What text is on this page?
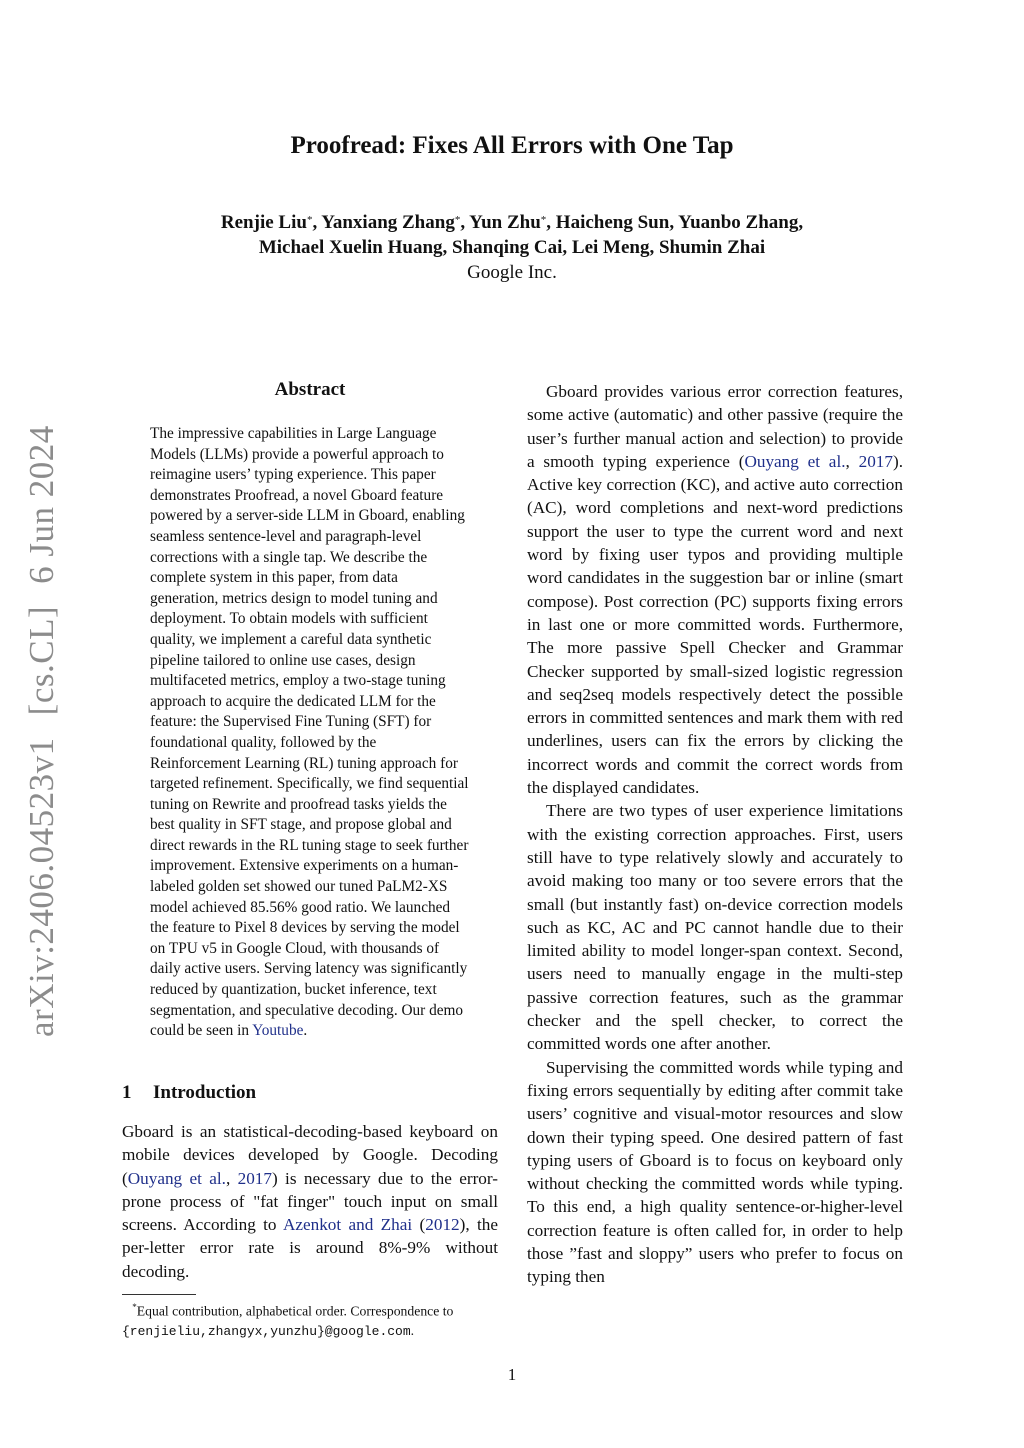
arXiv:2406.04523v1[cs.CL]6 Jun 2024
Proofread: Fixes All Errors with One Tap
Renjie Liu*, Yanxiang Zhang*, Yun Zhu*, Haicheng Sun, Yuanbo Zhang,
Michael Xuelin Huang, Shanqing Cai, Lei Meng, Shumin Zhai
Google Inc.
Abstract

The impressive capabilities in Large Language Models (LLMs) provide a powerful approach to reimagine users’ typing experience. This paper demonstrates Proofread, a novel Gboard feature powered by a server-side LLM in Gboard, enabling seamless sentence-level and paragraph-level corrections with a single tap. We describe the complete system in this paper, from data generation, metrics design to model tuning and deployment. To obtain models with sufficient quality, we implement a careful data synthetic pipeline tailored to online use cases, design multifaceted metrics, employ a two-stage tuning approach to acquire the dedicated LLM for the feature: the Supervised Fine Tuning (SFT) for foundational quality, followed by the Reinforcement Learning (RL) tuning approach for targeted refinement. Specifically, we find sequential tuning on Rewrite and proofread tasks yields the best quality in SFT stage, and propose global and direct rewards in the RL tuning stage to seek further improvement. Extensive experiments on a human-labeled golden set showed our tuned PaLM2-XS model achieved 85.56% good ratio. We launched the feature to Pixel 8 devices by serving the model on TPU v5 in Google Cloud, with thousands of daily active users. Serving latency was significantly reduced by quantization, bucket inference, text segmentation, and speculative decoding. Our demo could be seen in Youtube.

1 Introduction

Gboard is an statistical-decoding-based keyboard on mobile devices developed by Google. Decoding (Ouyang et al., 2017) is necessary due to the error-prone process of "fat finger" touch input on small screens. According to Azenkot and Zhai (2012), the per-letter error rate is around 8%-9% without decoding.

*Equal contribution, alphabetical order. Correspondence to {renjieliu,zhangyx,yunzhu}@google.com.

Gboard provides various error correction features, some active (automatic) and other passive (require the user’s further manual action and selection) to provide a smooth typing experience (Ouyang et al., 2017). Active key correction (KC), and active auto correction (AC), word completions and next-word predictions support the user to type the current word and next word by fixing user typos and providing multiple word candidates in the suggestion bar or inline (smart compose). Post correction (PC) supports fixing errors in last one or more committed words. Furthermore, The more passive Spell Checker and Grammar Checker supported by small-sized logistic regression and seq2seq models respectively detect the possible errors in committed sentences and mark them with red underlines, users can fix the errors by clicking the incorrect words and commit the correct words from the displayed candidates.

There are two types of user experience limitations with the existing correction approaches. First, users still have to type relatively slowly and accurately to avoid making too many or too severe errors that the small (but instantly fast) on-device correction models such as KC, AC and PC cannot handle due to their limited ability to model longer-span context. Second, users need to manually engage in the multi-step passive correction features, such as the grammar checker and the spell checker, to correct the committed words one after another.

Supervising the committed words while typing and fixing errors sequentially by editing after commit take users’ cognitive and visual-motor resources and slow down their typing speed. One desired pattern of fast typing users of Gboard is to focus on keyboard only without checking the committed words while typing. To this end, a high quality sentence-or-higher-level correction feature is often called for, in order to help those ”fast and sloppy” users who prefer to focus on typing then

1
